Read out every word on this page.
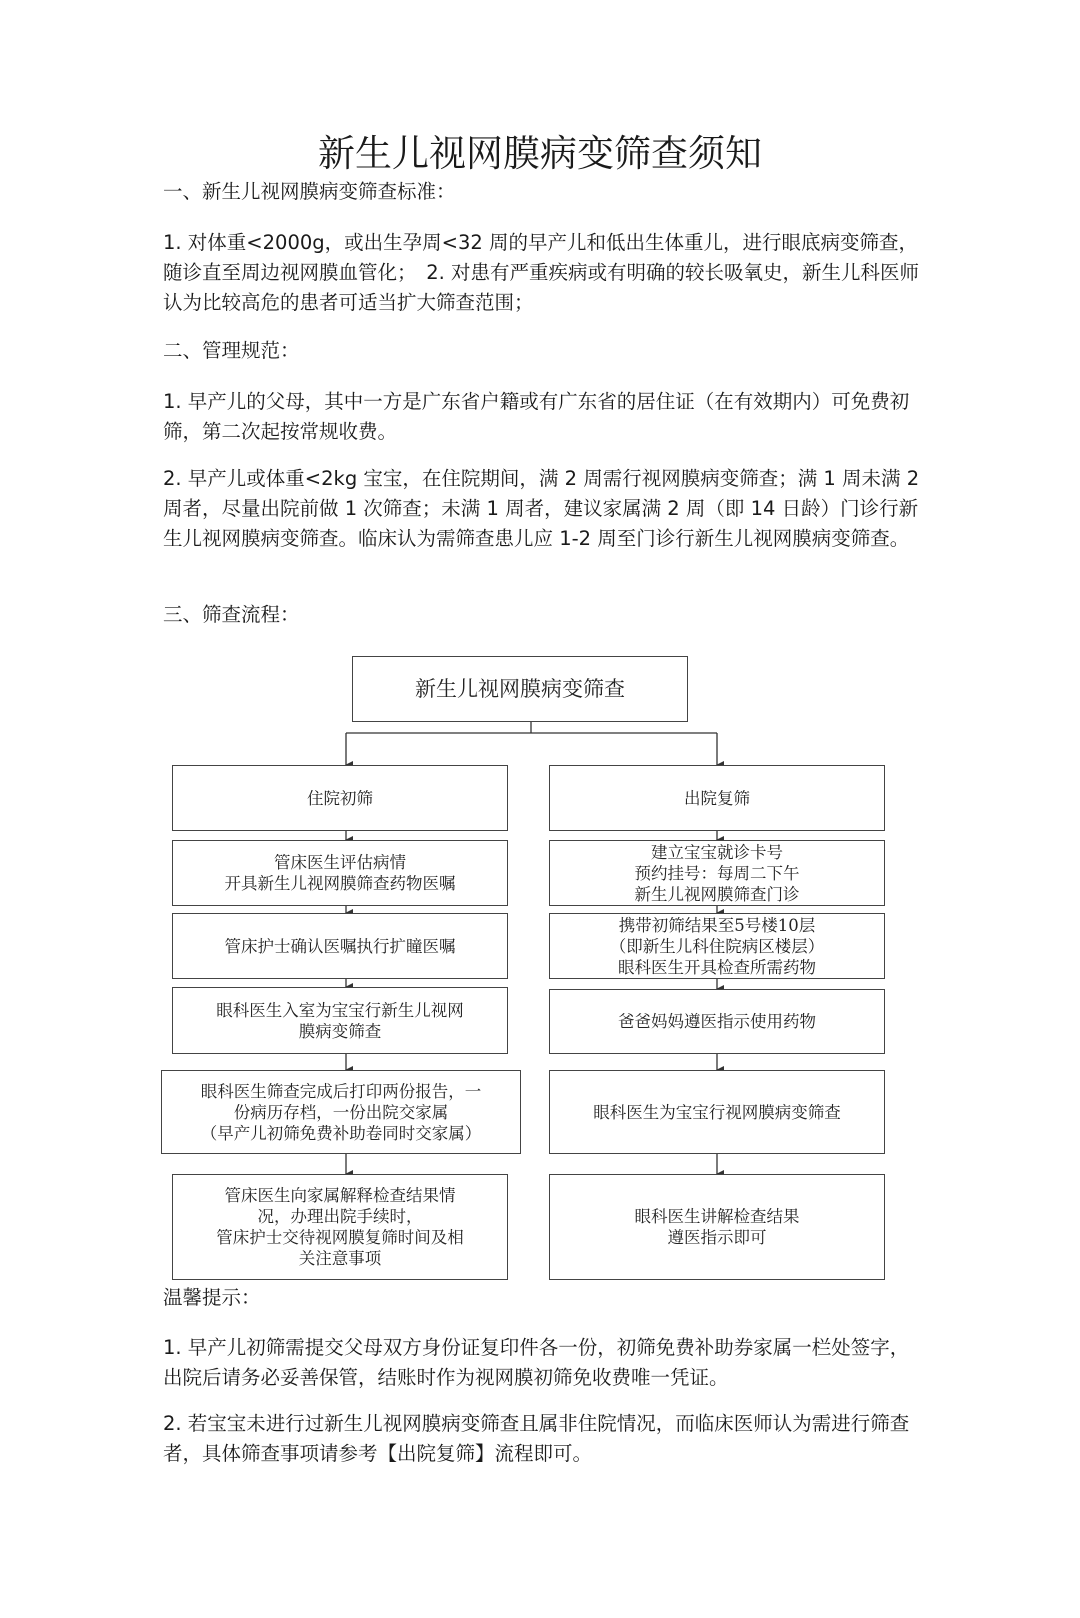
新生儿视网膜病变筛查须知

一、新生儿视网膜病变筛查标准：

1. 对体重<2000g，或出生孕周<32 周的早产儿和低出生体重儿，进行眼底病变筛查，随诊直至周边视网膜血管化；　2. 对患有严重疾病或有明确的较长吸氧史，新生儿科医师认为比较高危的患者可适当扩大筛查范围；

二、管理规范：

1. 早产儿的父母，其中一方是广东省户籍或有广东省的居住证（在有效期内）可免费初筛，第二次起按常规收费。

2. 早产儿或体重<2kg 宝宝，在住院期间，满 2 周需行视网膜病变筛查；满 1 周未满 2 周者，尽量出院前做 1 次筛查；未满 1 周者，建议家属满 2 周（即 14 日龄）门诊行新生儿视网膜病变筛查。临床认为需筛查患儿应 1-2 周至门诊行新生儿视网膜病变筛查。

三、筛查流程：

新生儿视网膜病变筛查
住院初筛
管床医生评估病情
开具新生儿视网膜筛查药物医嘱
管床护士确认医嘱执行扩瞳医嘱
眼科医生入室为宝宝行新生儿视网
膜病变筛查
眼科医生筛查完成后打印两份报告，一
份病历存档，一份出院交家属
（早产儿初筛免费补助卷同时交家属）
管床医生向家属解释检查结果情
况，办理出院手续时，
管床护士交待视网膜复筛时间及相
关注意事项
出院复筛
建立宝宝就诊卡号
预约挂号：每周二下午
新生儿视网膜筛查门诊
携带初筛结果至5号楼10层
（即新生儿科住院病区楼层）
眼科医生开具检查所需药物
爸爸妈妈遵医指示使用药物
眼科医生为宝宝行视网膜病变筛查
眼科医生讲解检查结果
遵医指示即可

温馨提示：

1. 早产儿初筛需提交父母双方身份证复印件各一份，初筛免费补助券家属一栏处签字，出院后请务必妥善保管，结账时作为视网膜初筛免收费唯一凭证。

2. 若宝宝未进行过新生儿视网膜病变筛查且属非住院情况，而临床医师认为需进行筛查者，具体筛查事项请参考【出院复筛】流程即可。
